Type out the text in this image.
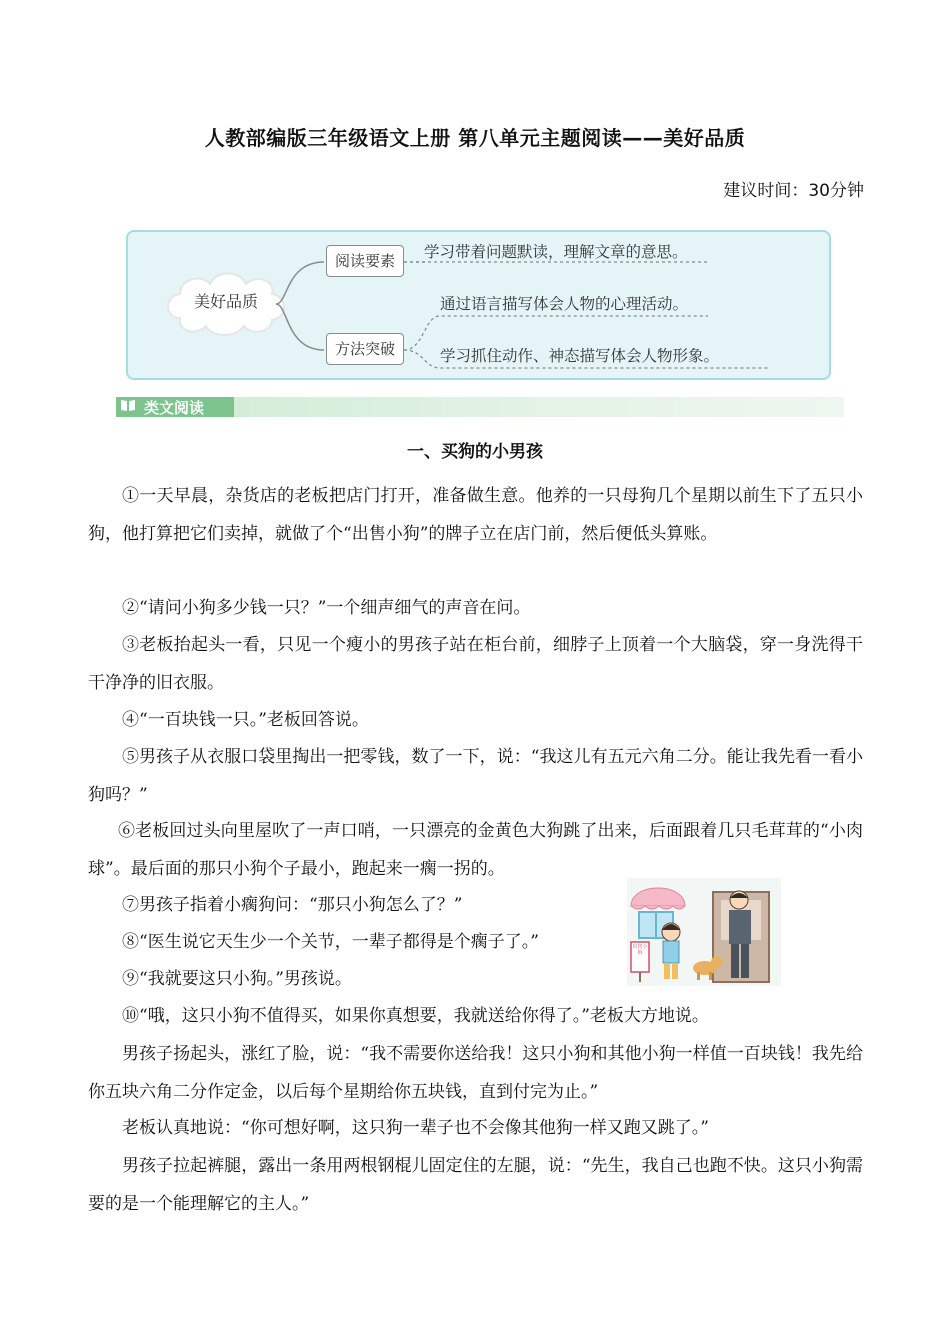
人教部编版三年级语文上册 第八单元主题阅读——美好品质
建议时间：30分钟
美好品质
阅读要素	学习带着问题默读，理解文章的意思。
方法突破
通过语言描写体会人物的心理活动。
学习抓住动作、神态描写体会人物形象。
类文阅读
一、买狗的小男孩

①一天早晨，杂货店的老板把店门打开，准备做生意。他养的一只母狗几个星期以前生下了五只小狗，他打算把它们卖掉，就做了个“出售小狗”的牌子立在店门前，然后便低头算账。

②“请问小狗多少钱一只？”一个细声细气的声音在问。

③老板抬起头一看，只见一个瘦小的男孩子站在柜台前，细脖子上顶着一个大脑袋，穿一身洗得干干净净的旧衣服。

④“一百块钱一只。”老板回答说。

⑤男孩子从衣服口袋里掏出一把零钱，数了一下，说：“我这儿有五元六角二分。能让我先看一看小狗吗？”

⑥老板回过头向里屋吹了一声口哨，一只漂亮的金黄色大狗跳了出来，后面跟着几只毛茸茸的“小肉球”。最后面的那只小狗个子最小，跑起来一瘸一拐的。

⑦男孩子指着小瘸狗问：“那只小狗怎么了？”

⑧“医生说它天生少一个关节，一辈子都得是个瘸子了。”

⑨“我就要这只小狗。”男孩说。

⑩“哦，这只小狗不值得买，如果你真想要，我就送给你得了。”老板大方地说。

男孩子扬起头，涨红了脸，说：“我不需要你送给我！这只小狗和其他小狗一样值一百块钱！我先给你五块六角二分作定金，以后每个星期给你五块钱，直到付完为止。”

老板认真地说：“你可想好啊，这只狗一辈子也不会像其他狗一样又跑又跳了。”

男孩子拉起裤腿，露出一条用两根钢棍儿固定住的左腿，说：“先生，我自己也跑不快。这只小狗需要的是一个能理解它的主人。”

出售小狗
